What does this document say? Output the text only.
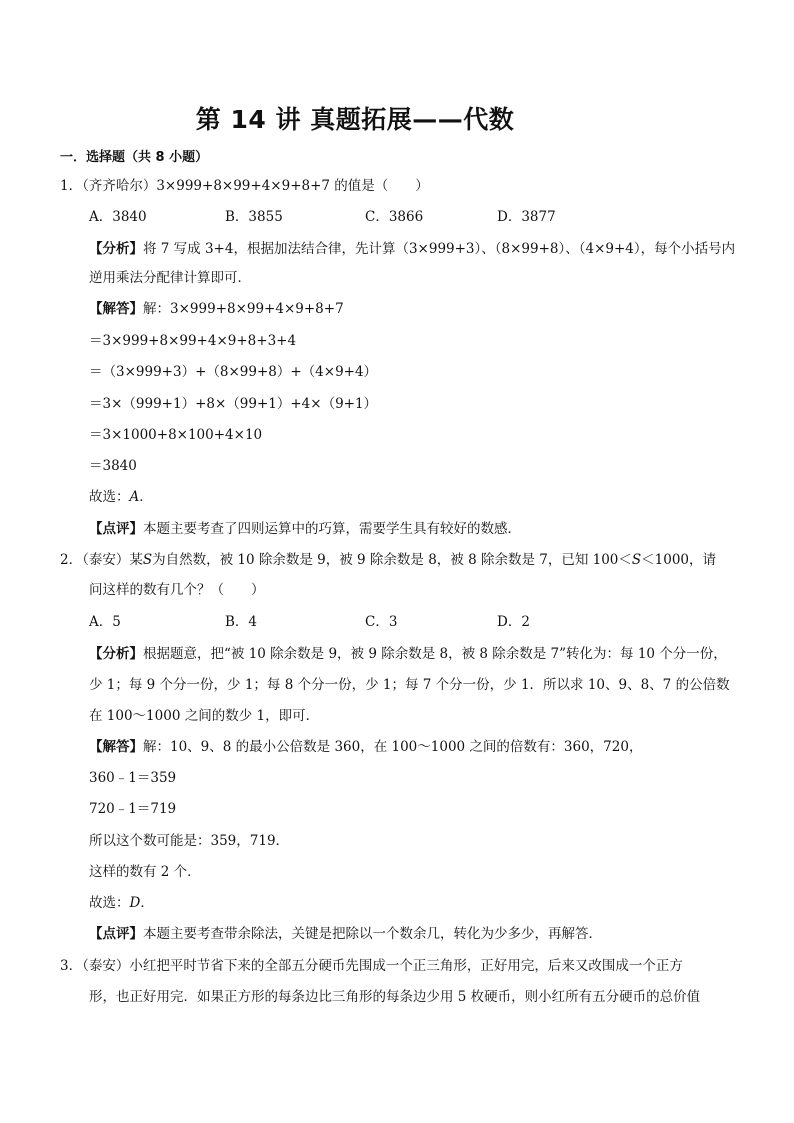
第 14 讲 真题拓展——代数
一．选择题（共 8 小题）
1．（齐齐哈尔）3×999+8×99+4×9+8+7 的值是（　　）
A．3840	B．3855	C．3866	D．3877
【分析】将 7 写成 3+4，根据加法结合律，先计算（3×999+3）、（8×99+8）、（4×9+4），每个小括号内
逆用乘法分配律计算即可．
【解答】解：3×999+8×99+4×9+8+7
＝3×999+8×99+4×9+8+3+4
＝（3×999+3）+（8×99+8）+（4×9+4）
＝3×（999+1）+8×（99+1）+4×（9+1）
＝3×1000+8×100+4×10
＝3840
故选：A．
【点评】本题主要考查了四则运算中的巧算，需要学生具有较好的数感．
2．（泰安）某S为自然数，被 10 除余数是 9，被 9 除余数是 8，被 8 除余数是 7，已知 100＜S＜1000，请
问这样的数有几个？（　　）
A．5	B．4	C．3	D．2
【分析】根据题意，把“被 10 除余数是 9，被 9 除余数是 8，被 8 除余数是 7”转化为：每 10 个分一份，
少 1；每 9 个分一份，少 1；每 8 个分一份，少 1；每 7 个分一份，少 1．所以求 10、9、8、7 的公倍数
在 100～1000 之间的数少 1，即可．
【解答】解：10、9、8 的最小公倍数是 360，在 100～1000 之间的倍数有：360，720，
360﹣1＝359
720﹣1＝719
所以这个数可能是：359，719．
这样的数有 2 个．
故选：D．
【点评】本题主要考查带余除法，关键是把除以一个数余几，转化为少多少，再解答．
3．（泰安）小红把平时节省下来的全部五分硬币先围成一个正三角形，正好用完，后来又改围成一个正方
形，也正好用完．如果正方形的每条边比三角形的每条边少用 5 枚硬币，则小红所有五分硬币的总价值
